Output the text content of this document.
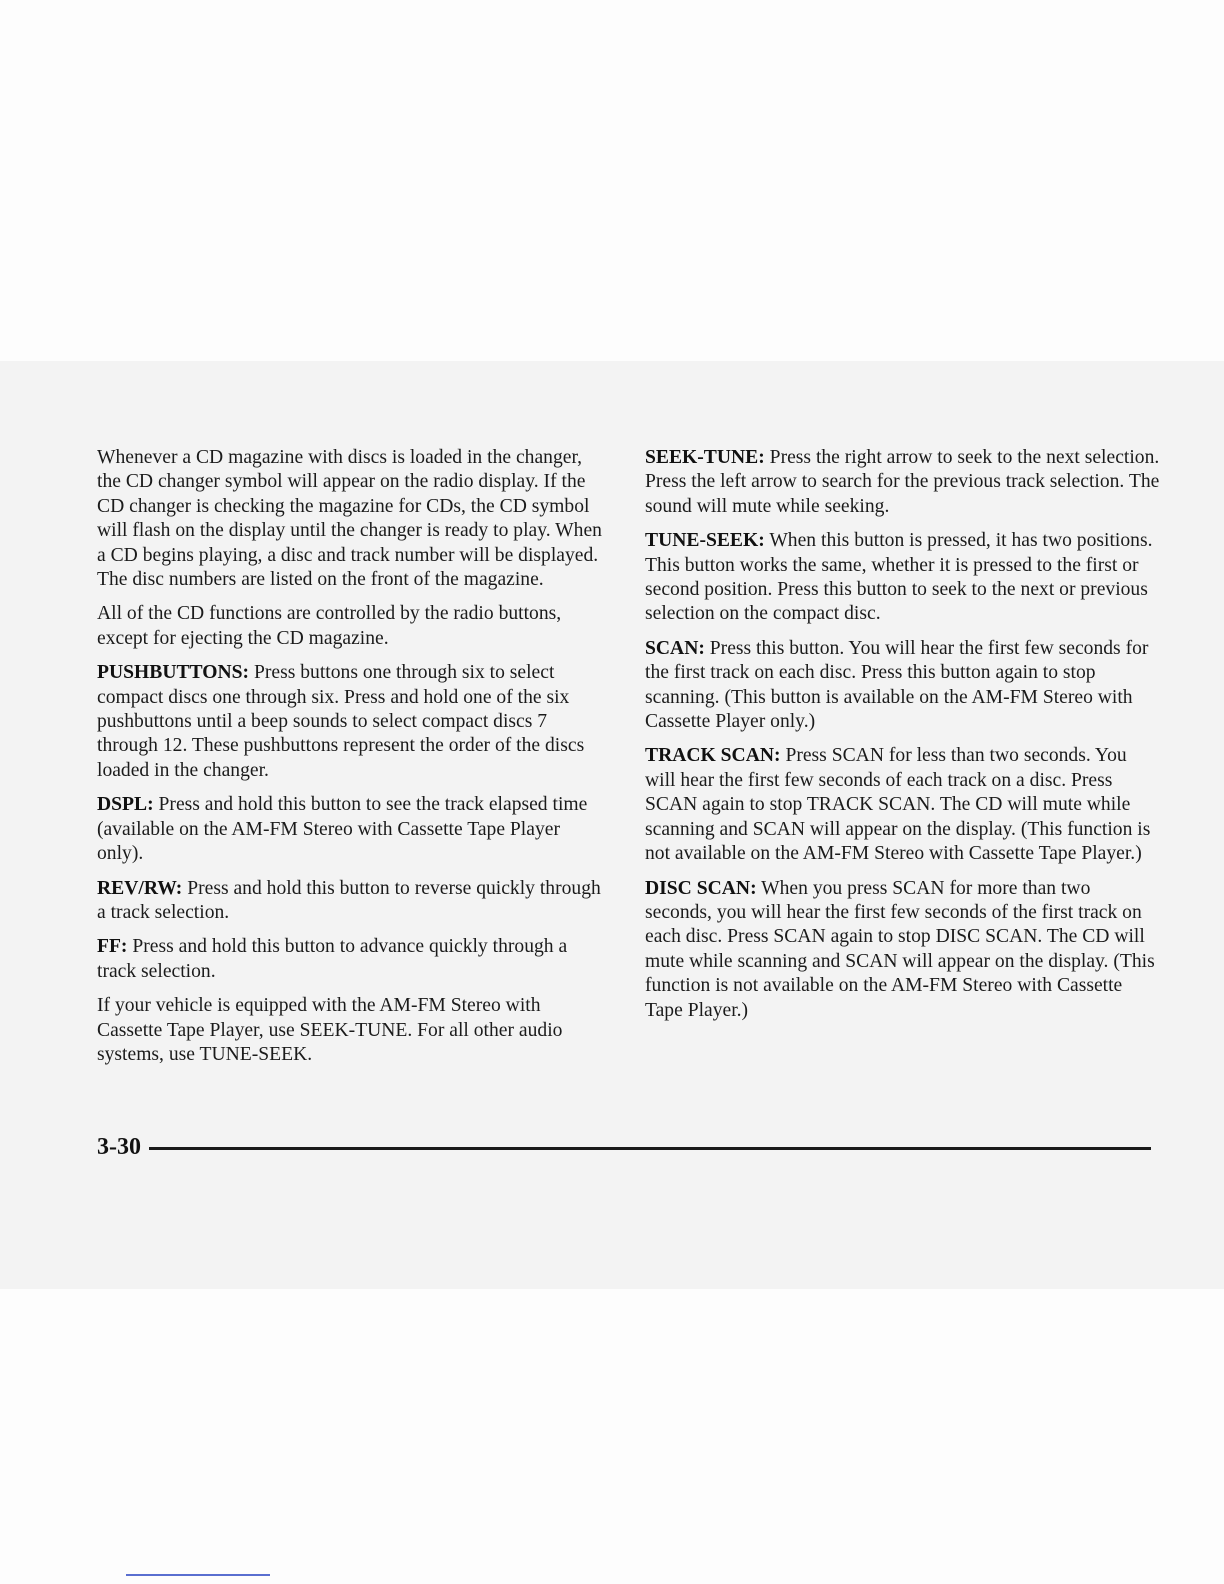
Whenever a CD magazine with discs is loaded in the changer, the CD changer symbol will appear on the radio display. If the CD changer is checking the magazine for CDs, the CD symbol will flash on the display until the changer is ready to play. When a CD begins playing, a disc and track number will be displayed. The disc numbers are listed on the front of the magazine.

All of the CD functions are controlled by the radio buttons, except for ejecting the CD magazine.

PUSHBUTTONS: Press buttons one through six to select compact discs one through six. Press and hold one of the six pushbuttons until a beep sounds to select compact discs 7 through 12. These pushbuttons represent the order of the discs loaded in the changer.

DSPL: Press and hold this button to see the track elapsed time (available on the AM-FM Stereo with Cassette Tape Player only).

REV/RW: Press and hold this button to reverse quickly through a track selection.

FF: Press and hold this button to advance quickly through a track selection.

If your vehicle is equipped with the AM-FM Stereo with Cassette Tape Player, use SEEK-TUNE. For all other audio systems, use TUNE-SEEK.

SEEK-TUNE: Press the right arrow to seek to the next selection. Press the left arrow to search for the previous track selection. The sound will mute while seeking.

TUNE-SEEK: When this button is pressed, it has two positions. This button works the same, whether it is pressed to the first or second position. Press this button to seek to the next or previous selection on the compact disc.

SCAN: Press this button. You will hear the first few seconds for the first track on each disc. Press this button again to stop scanning. (This button is available on the AM-FM Stereo with Cassette Player only.)

TRACK SCAN: Press SCAN for less than two seconds. You will hear the first few seconds of each track on a disc. Press SCAN again to stop TRACK SCAN. The CD will mute while scanning and SCAN will appear on the display. (This function is not available on the AM-FM Stereo with Cassette Tape Player.)

DISC SCAN: When you press SCAN for more than two seconds, you will hear the first few seconds of the first track on each disc. Press SCAN again to stop DISC SCAN. The CD will mute while scanning and SCAN will appear on the display. (This function is not available on the AM-FM Stereo with Cassette Tape Player.)

3-30
